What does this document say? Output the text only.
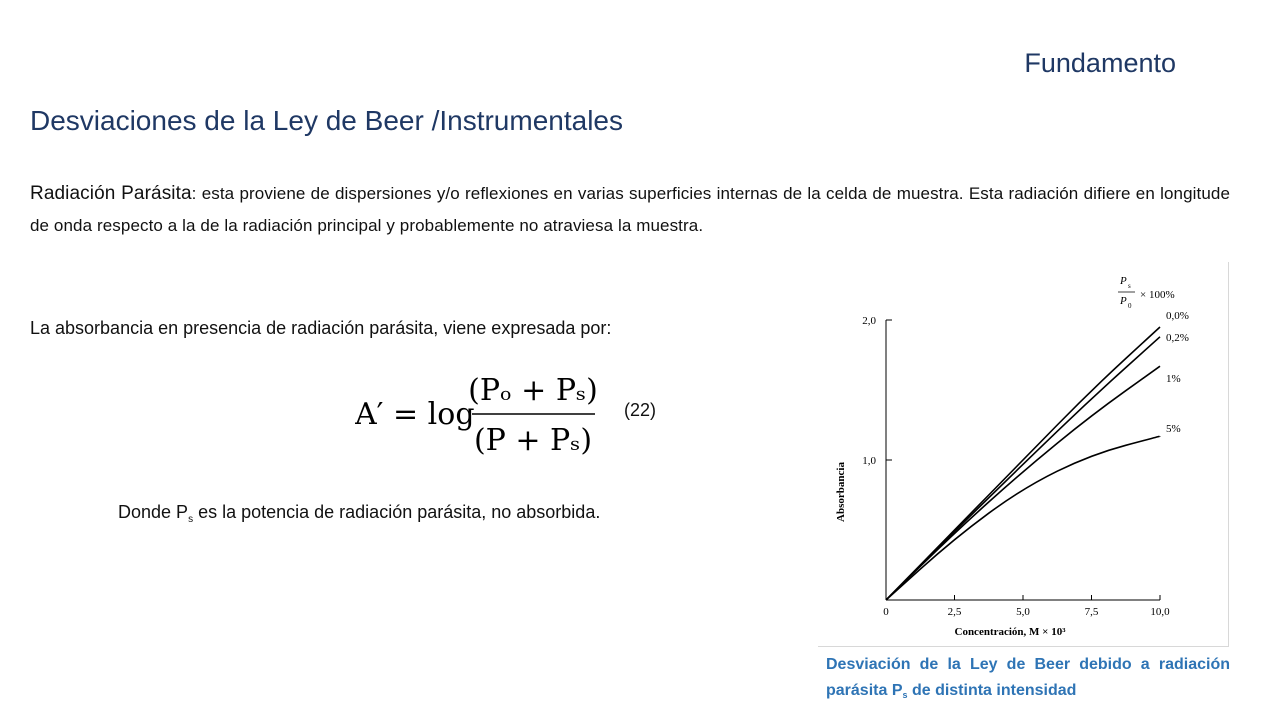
Fundamento
Desviaciones de la Ley de Beer /Instrumentales
Radiación Parásita: esta proviene de dispersiones y/o reflexiones en varias superficies internas de la celda de muestra. Esta radiación difiere en longitude de onda respecto a la de la radiación principal y probablemente no atraviesa la muestra.
La absorbancia en presencia de radiación parásita, viene expresada por:
A′ = log
(Pₒ + Pₛ)
(P + Pₛ)
(22)
Donde $P_s$ es la potencia de radiación parásita, no absorbida.
P s
P 0
× 100%
Absorbancia
Concentración, M × 10³
0	2,5	5,0	7,5	10,0
1,0
2,0	0,0%
0,2%
1%
5%
Desviación de la Ley de Beer debido a radiación parásita $P_s$ de distinta intensidad
